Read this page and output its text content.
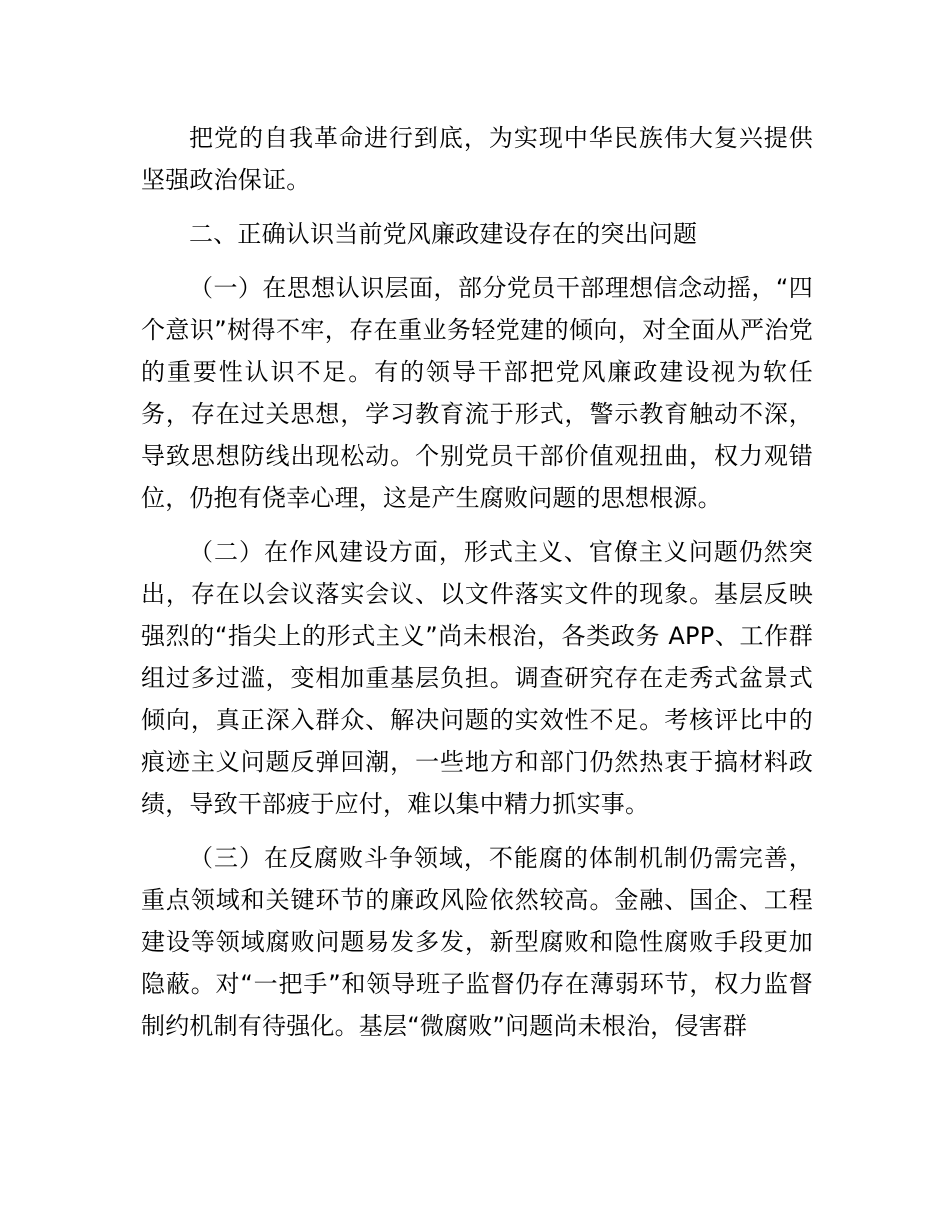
把党的自我革命进行到底，为实现中华民族伟大复兴提供坚强政治保证。

二、正确认识当前党风廉政建设存在的突出问题

（一）在思想认识层面，部分党员干部理想信念动摇，“四个意识”树得不牢，存在重业务轻党建的倾向，对全面从严治党的重要性认识不足。有的领导干部把党风廉政建设视为软任务，存在过关思想，学习教育流于形式，警示教育触动不深，导致思想防线出现松动。个别党员干部价值观扭曲，权力观错位，仍抱有侥幸心理，这是产生腐败问题的思想根源。

（二）在作风建设方面，形式主义、官僚主义问题仍然突出，存在以会议落实会议、以文件落实文件的现象。基层反映强烈的“指尖上的形式主义”尚未根治，各类政务 APP、工作群组过多过滥，变相加重基层负担。调查研究存在走秀式盆景式倾向，真正深入群众、解决问题的实效性不足。考核评比中的痕迹主义问题反弹回潮，一些地方和部门仍然热衷于搞材料政绩，导致干部疲于应付，难以集中精力抓实事。

（三）在反腐败斗争领域，不能腐的体制机制仍需完善，重点领域和关键环节的廉政风险依然较高。金融、国企、工程建设等领域腐败问题易发多发，新型腐败和隐性腐败手段更加隐蔽。对“一把手”和领导班子监督仍存在薄弱环节，权力监督制约机制有待强化。基层“微腐败”问题尚未根治，侵害群
